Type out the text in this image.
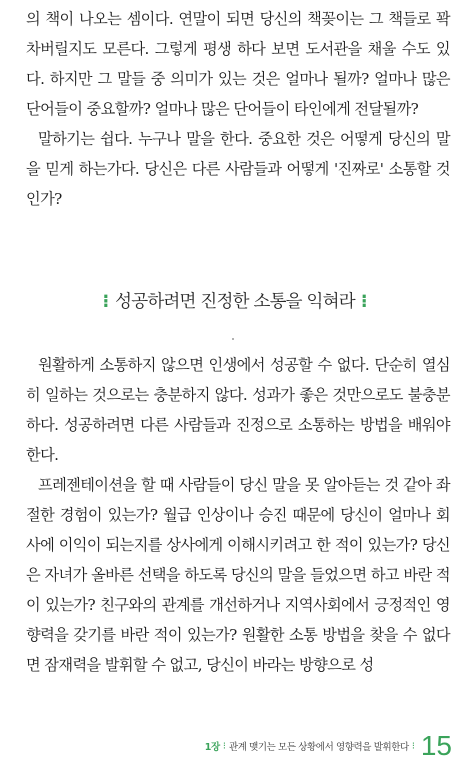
의 책이 나오는 셈이다. 연말이 되면 당신의 책꽂이는 그 책들로 꽉 차버릴지도 모른다. 그렇게 평생 하다 보면 도서관을 채울 수도 있다. 하지만 그 말들 중 의미가 있는 것은 얼마나 될까? 얼마나 많은 단어들이 중요할까? 얼마나 많은 단어들이 타인에게 전달될까?

말하기는 쉽다. 누구나 말을 한다. 중요한 것은 어떻게 당신의 말을 믿게 하는가다. 당신은 다른 사람들과 어떻게 '진짜로' 소통할 것인가?

⁝ 성공하려면 진정한 소통을 익혀라 ⁝

원활하게 소통하지 않으면 인생에서 성공할 수 없다. 단순히 열심히 일하는 것으로는 충분하지 않다. 성과가 좋은 것만으로도 불충분하다. 성공하려면 다른 사람들과 진정으로 소통하는 방법을 배워야 한다.

프레젠테이션을 할 때 사람들이 당신 말을 못 알아듣는 것 같아 좌절한 경험이 있는가? 월급 인상이나 승진 때문에 당신이 얼마나 회사에 이익이 되는지를 상사에게 이해시키려고 한 적이 있는가? 당신은 자녀가 올바른 선택을 하도록 당신의 말을 들었으면 하고 바란 적이 있는가? 친구와의 관계를 개선하거나 지역사회에서 긍정적인 영향력을 갖기를 바란 적이 있는가? 원활한 소통 방법을 찾을 수 없다면 잠재력을 발휘할 수 없고, 당신이 바라는 방향으로 성

1장 ⁝ 관계 맺기는 모든 상황에서 영향력을 발휘한다 ⁝ 15
